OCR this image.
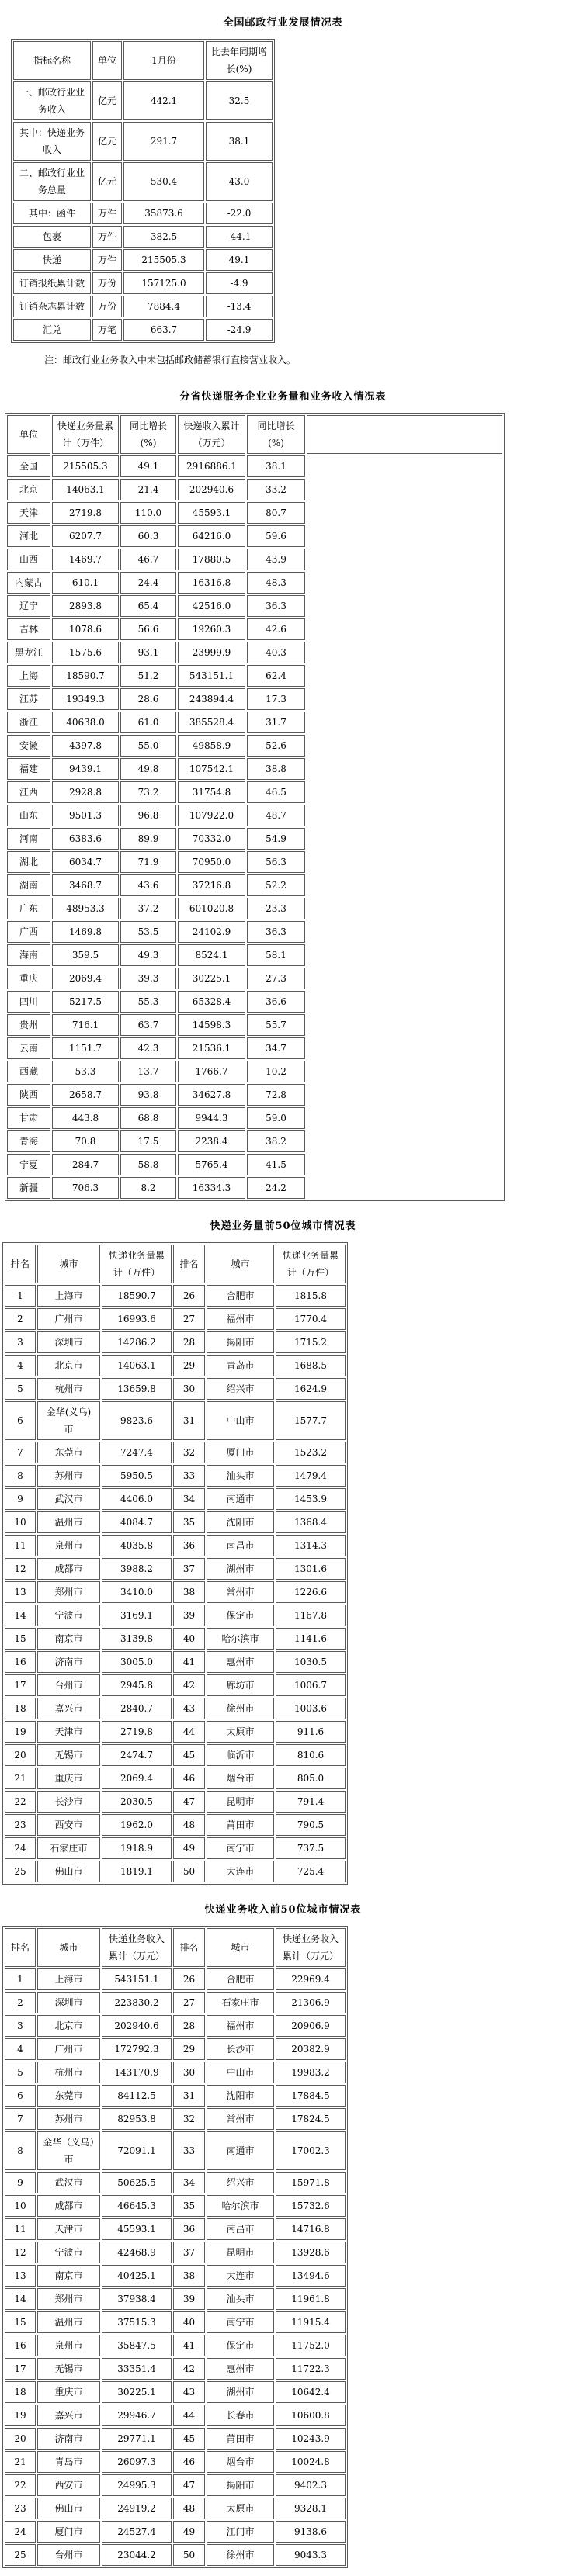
全国邮政行业发展情况表
指标名称	单位	1月份	比去年同期增长(%)
一、邮政行业业务收入	亿元	442.1	32.5
其中：快递业务收入	亿元	291.7	38.1
二、邮政行业业务总量	亿元	530.4	43.0
其中：函件	万件	35873.6	-22.0
包裹	万件	382.5	-44.1
快递	万件	215505.3	49.1
订销报纸累计数	万份	157125.0	-4.9
订销杂志累计数	万份	7884.4	-13.4
汇兑	万笔	663.7	-24.9
注：邮政行业业务收入中未包括邮政储蓄银行直接营业收入。
分省快递服务企业业务量和业务收入情况表
单位	快递业务量累计（万件）	同比增长(%)	快递收入累计（万元）	同比增长(%)	
全国	215505.3	49.1	2916886.1	38.1	
北京	14063.1	21.4	202940.6	33.2	
天津	2719.8	110.0	45593.1	80.7	
河北	6207.7	60.3	64216.0	59.6	
山西	1469.7	46.7	17880.5	43.9	
内蒙古	610.1	24.4	16316.8	48.3	
辽宁	2893.8	65.4	42516.0	36.3	
吉林	1078.6	56.6	19260.3	42.6	
黑龙江	1575.6	93.1	23999.9	40.3	
上海	18590.7	51.2	543151.1	62.4	
江苏	19349.3	28.6	243894.4	17.3	
浙江	40638.0	61.0	385528.4	31.7	
安徽	4397.8	55.0	49858.9	52.6	
福建	9439.1	49.8	107542.1	38.8	
江西	2928.8	73.2	31754.8	46.5	
山东	9501.3	96.8	107922.0	48.7	
河南	6383.6	89.9	70332.0	54.9	
湖北	6034.7	71.9	70950.0	56.3	
湖南	3468.7	43.6	37216.8	52.2	
广东	48953.3	37.2	601020.8	23.3	
广西	1469.8	53.5	24102.9	36.3	
海南	359.5	49.3	8524.1	58.1	
重庆	2069.4	39.3	30225.1	27.3	
四川	5217.5	55.3	65328.4	36.6	
贵州	716.1	63.7	14598.3	55.7	
云南	1151.7	42.3	21536.1	34.7	
西藏	53.3	13.7	1766.7	10.2	
陕西	2658.7	93.8	34627.8	72.8	
甘肃	443.8	68.8	9944.3	59.0	
青海	70.8	17.5	2238.4	38.2	
宁夏	284.7	58.8	5765.4	41.5	
新疆	706.3	8.2	16334.3	24.2	
快递业务量前50位城市情况表
排名	城市	快递业务量累计（万件）	排名	城市	快递业务量累计（万件）
1	上海市	18590.7	26	合肥市	1815.8
2	广州市	16993.6	27	福州市	1770.4
3	深圳市	14286.2	28	揭阳市	1715.2
4	北京市	14063.1	29	青岛市	1688.5
5	杭州市	13659.8	30	绍兴市	1624.9
6	金华(义乌)市	9823.6	31	中山市	1577.7
7	东莞市	7247.4	32	厦门市	1523.2
8	苏州市	5950.5	33	汕头市	1479.4
9	武汉市	4406.0	34	南通市	1453.9
10	温州市	4084.7	35	沈阳市	1368.4
11	泉州市	4035.8	36	南昌市	1314.3
12	成都市	3988.2	37	湖州市	1301.6
13	郑州市	3410.0	38	常州市	1226.6
14	宁波市	3169.1	39	保定市	1167.8
15	南京市	3139.8	40	哈尔滨市	1141.6
16	济南市	3005.0	41	惠州市	1030.5
17	台州市	2945.8	42	廊坊市	1006.7
18	嘉兴市	2840.7	43	徐州市	1003.6
19	天津市	2719.8	44	太原市	911.6
20	无锡市	2474.7	45	临沂市	810.6
21	重庆市	2069.4	46	烟台市	805.0
22	长沙市	2030.5	47	昆明市	791.4
23	西安市	1962.0	48	莆田市	790.5
24	石家庄市	1918.9	49	南宁市	737.5
25	佛山市	1819.1	50	大连市	725.4
快递业务收入前50位城市情况表
排名	城市	快递业务收入累计（万元）	排名	城市	快递业务收入累计（万元）
1	上海市	543151.1	26	合肥市	22969.4
2	深圳市	223830.2	27	石家庄市	21306.9
3	北京市	202940.6	28	福州市	20906.9
4	广州市	172792.3	29	长沙市	20382.9
5	杭州市	143170.9	30	中山市	19983.2
6	东莞市	84112.5	31	沈阳市	17884.5
7	苏州市	82953.8	32	常州市	17824.5
8	金华（义乌）市	72091.1	33	南通市	17002.3
9	武汉市	50625.5	34	绍兴市	15971.8
10	成都市	46645.3	35	哈尔滨市	15732.6
11	天津市	45593.1	36	南昌市	14716.8
12	宁波市	42468.9	37	昆明市	13928.6
13	南京市	40425.1	38	大连市	13494.6
14	郑州市	37938.4	39	汕头市	11961.8
15	温州市	37515.3	40	南宁市	11915.4
16	泉州市	35847.5	41	保定市	11752.0
17	无锡市	33351.4	42	惠州市	11722.3
18	重庆市	30225.1	43	湖州市	10642.4
19	嘉兴市	29946.7	44	长春市	10600.8
20	济南市	29771.1	45	莆田市	10243.9
21	青岛市	26097.3	46	烟台市	10024.8
22	西安市	24995.3	47	揭阳市	9402.3
23	佛山市	24919.2	48	太原市	9328.1
24	厦门市	24527.4	49	江门市	9138.6
25	台州市	23044.2	50	徐州市	9043.3
